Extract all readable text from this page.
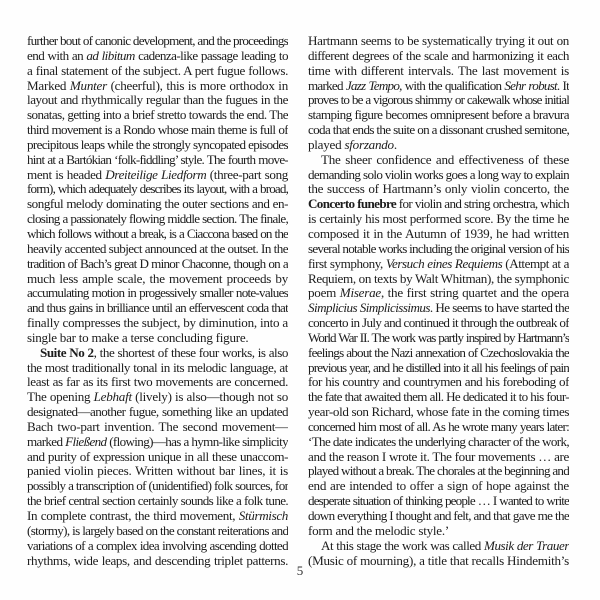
further bout of canonic development, and the proceedings
end with an ad libitum cadenza-like passage leading to
a final statement of the subject. A pert fugue follows.
Marked Munter (cheerful), this is more orthodox in
layout and rhythmically regular than the fugues in the
sonatas, getting into a brief stretto towards the end. The
third movement is a Rondo whose main theme is full of
precipitous leaps while the strongly syncopated episodes
hint at a Bartókian ‘folk-fiddling’ style. The fourth move-
ment is headed Dreiteilige Liedform (three-part song
form), which adequately describes its layout, with a broad,
songful melody dominating the outer sections and en-
closing a passionately flowing middle section. The finale,
which follows without a break, is a Ciaccona based on the
heavily accented subject announced at the outset. In the
tradition of Bach’s great D minor Chaconne, though on a
much less ample scale, the movement proceeds by
accumulating motion in progessively smaller note-values
and thus gains in brilliance until an effervescent coda that
finally compresses the subject, by diminution, into a
single bar to make a terse concluding figure.
Suite No 2, the shortest of these four works, is also
the most traditionally tonal in its melodic language, at
least as far as its first two movements are concerned.
The opening Lebhaft (lively) is also—though not so
designated—another fugue, something like an updated
Bach two-part invention. The second movement—
marked Fließend (flowing)—has a hymn-like simplicity
and purity of expression unique in all these unaccom-
panied violin pieces. Written without bar lines, it is
possibly a transcription of (unidentified) folk sources, for
the brief central section certainly sounds like a folk tune.
In complete contrast, the third movement, Stürmisch
(stormy), is largely based on the constant reiterations and
variations of a complex idea involving ascending dotted
rhythms, wide leaps, and descending triplet patterns.
Hartmann seems to be systematically trying it out on
different degrees of the scale and harmonizing it each
time with different intervals. The last movement is
marked Jazz Tempo, with the qualification Sehr robust. It
proves to be a vigorous shimmy or cakewalk whose initial
stamping figure becomes omnipresent before a bravura
coda that ends the suite on a dissonant crushed semitone,
played sforzando.
The sheer confidence and effectiveness of these
demanding solo violin works goes a long way to explain
the success of Hartmann’s only violin concerto, the
Concerto funebre for violin and string orchestra, which
is certainly his most performed score. By the time he
composed it in the Autumn of 1939, he had written
several notable works including the original version of his
first symphony, Versuch eines Requiems (Attempt at a
Requiem, on texts by Walt Whitman), the symphonic
poem Miserae, the first string quartet and the opera
Simplicius Simplicissimus. He seems to have started the
concerto in July and continued it through the outbreak of
World War II. The work was partly inspired by Hartmann’s
feelings about the Nazi annexation of Czechoslovakia the
previous year, and he distilled into it all his feelings of pain
for his country and countrymen and his foreboding of
the fate that awaited them all. He dedicated it to his four-
year-old son Richard, whose fate in the coming times
concerned him most of all. As he wrote many years later:
‘The date indicates the underlying character of the work,
and the reason I wrote it. The four movements … are
played without a break. The chorales at the beginning and
end are intended to offer a sign of hope against the
desperate situation of thinking people … I wanted to write
down everything I thought and felt, and that gave me the
form and the melodic style.’
At this stage the work was called Musik der Trauer
(Music of mourning), a title that recalls Hindemith’s
5
